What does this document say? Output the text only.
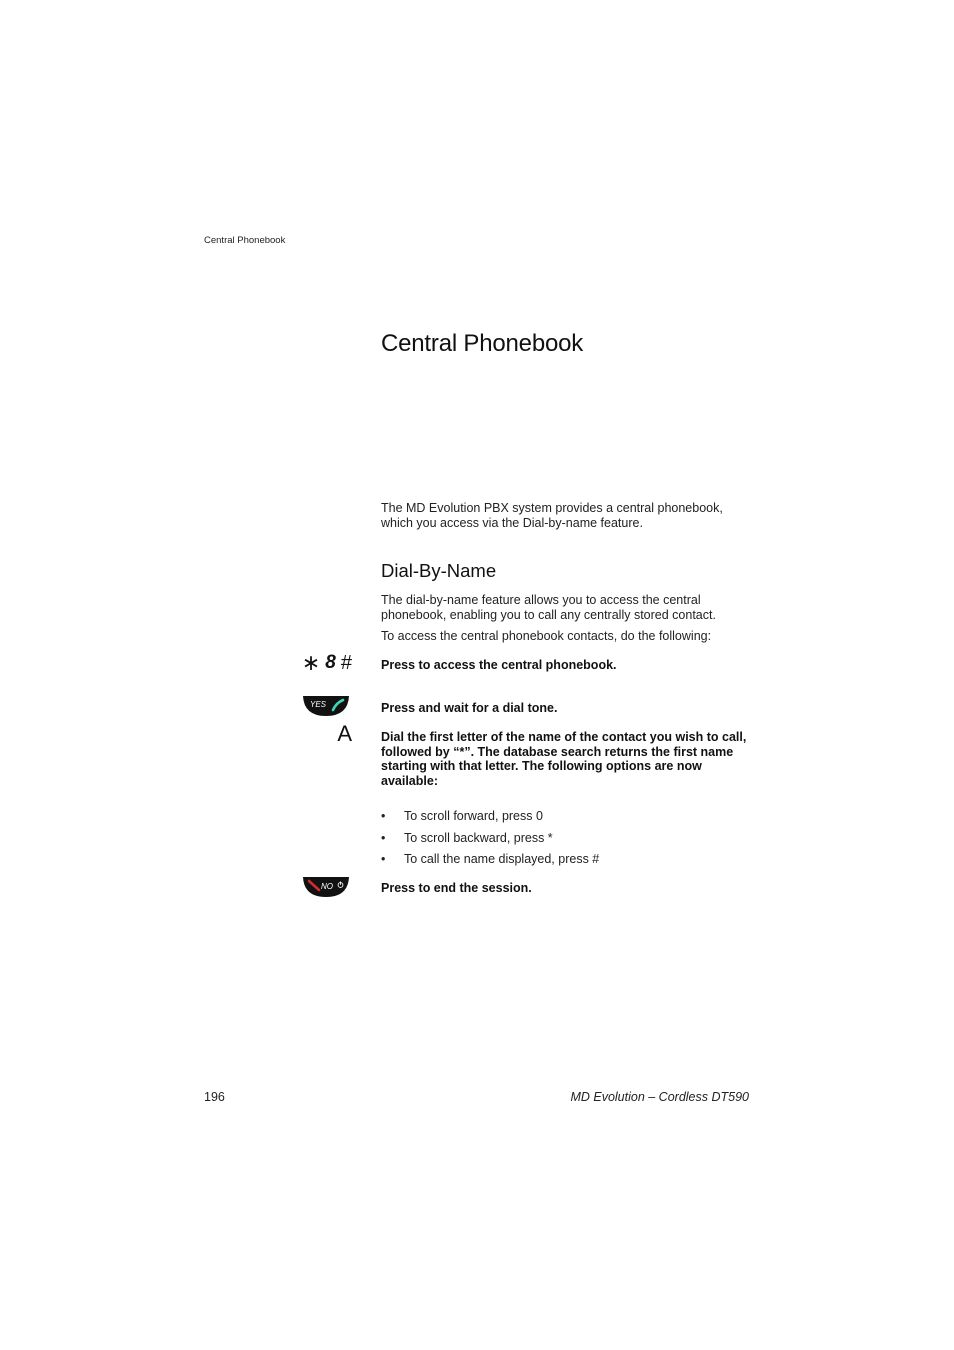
Central Phonebook
Central Phonebook

The MD Evolution PBX system provides a central phonebook, which you access via the Dial-by-name feature.

Dial-By-Name

The dial-by-name feature allows you to access the central phonebook, enabling you to call any centrally stored contact.

To access the central phonebook contacts, do the following:

∗ 8 # Press to access the central phonebook.

YES	Press and wait for a dial tone.

A Dial the first letter of the name of the contact you wish to call, followed by “*”. The database search returns the first name starting with that letter. The following options are now available:

• To scroll forward, press 0
• To scroll backward, press *
• To call the name displayed, press #
NO	Press to end the session.

196	MD Evolution – Cordless DT590
